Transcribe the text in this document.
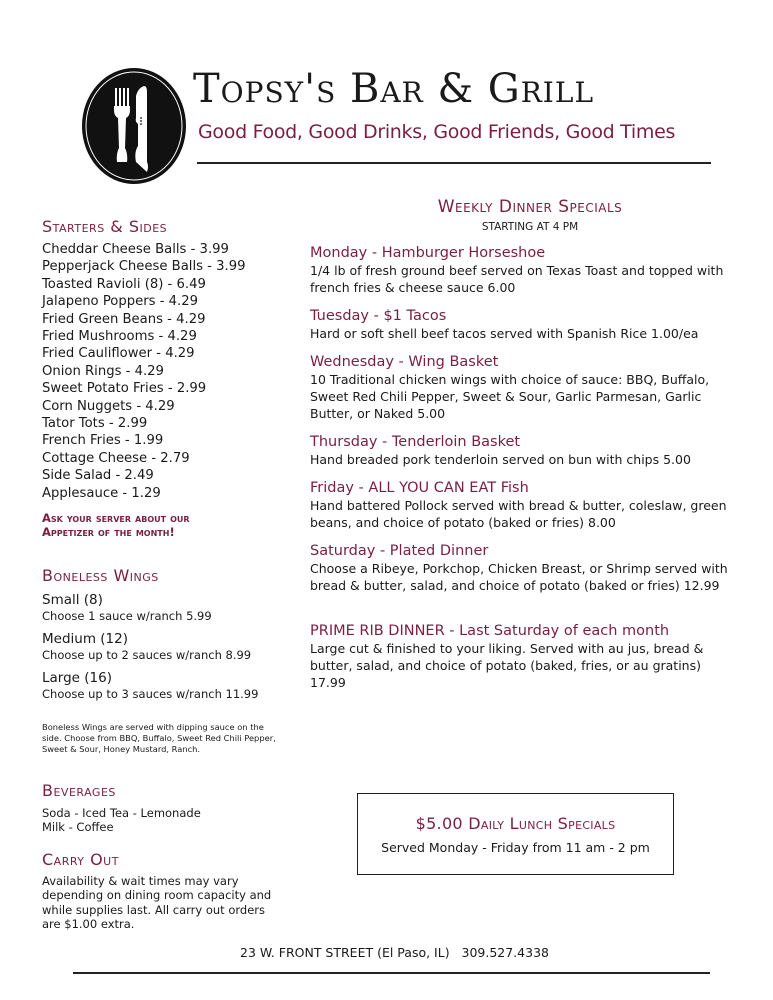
Topsy's Bar & Grill
Good Food, Good Drinks, Good Friends, Good Times
Starters & Sides
Cheddar Cheese Balls - 3.99
Pepperjack Cheese Balls - 3.99
Toasted Ravioli (8) - 6.49
Jalapeno Poppers - 4.29
Fried Green Beans - 4.29
Fried Mushrooms - 4.29
Fried Cauliflower - 4.29
Onion Rings - 4.29
Sweet Potato Fries - 2.99
Corn Nuggets - 4.29
Tator Tots - 2.99
French Fries - 1.99
Cottage Cheese - 2.79
Side Salad - 2.49
Applesauce - 1.29
Ask your server about our
Appetizer of the month!
Boneless Wings
Small (8)
Choose 1 sauce w/ranch 5.99
Medium (12)
Choose up to 2 sauces w/ranch 8.99
Large (16)
Choose up to 3 sauces w/ranch 11.99
Boneless Wings are served with dipping sauce on the side. Choose from BBQ, Buffalo, Sweet Red Chili Pepper, Sweet & Sour, Honey Mustard, Ranch.
Beverages
Soda - Iced Tea - Lemonade
Milk - Coffee
Carry Out
Availability & wait times may vary depending on dining room capacity and while supplies last. All carry out orders are $1.00 extra.
Weekly Dinner Specials
STARTING AT 4 PM
Monday - Hamburger Horseshoe
1/4 lb of fresh ground beef served on Texas Toast and topped with french fries & cheese sauce 6.00
Tuesday - $1 Tacos
Hard or soft shell beef tacos served with Spanish Rice 1.00/ea
Wednesday - Wing Basket
10 Traditional chicken wings with choice of sauce: BBQ, Buffalo, Sweet Red Chili Pepper, Sweet & Sour, Garlic Parmesan, Garlic Butter, or Naked 5.00
Thursday - Tenderloin Basket
Hand breaded pork tenderloin served on bun with chips 5.00
Friday - ALL YOU CAN EAT Fish
Hand battered Pollock served with bread & butter, coleslaw, green beans, and choice of potato (baked or fries) 8.00
Saturday - Plated Dinner
Choose a Ribeye, Porkchop, Chicken Breast, or Shrimp served with bread & butter, salad, and choice of potato (baked or fries) 12.99
PRIME RIB DINNER - Last Saturday of each month
Large cut & finished to your liking. Served with au jus, bread & butter, salad, and choice of potato (baked, fries, or au gratins) 17.99
$5.00 Daily Lunch Specials
Served Monday - Friday from 11 am - 2 pm
23 W. FRONT STREET (El Paso, IL)   309.527.4338
